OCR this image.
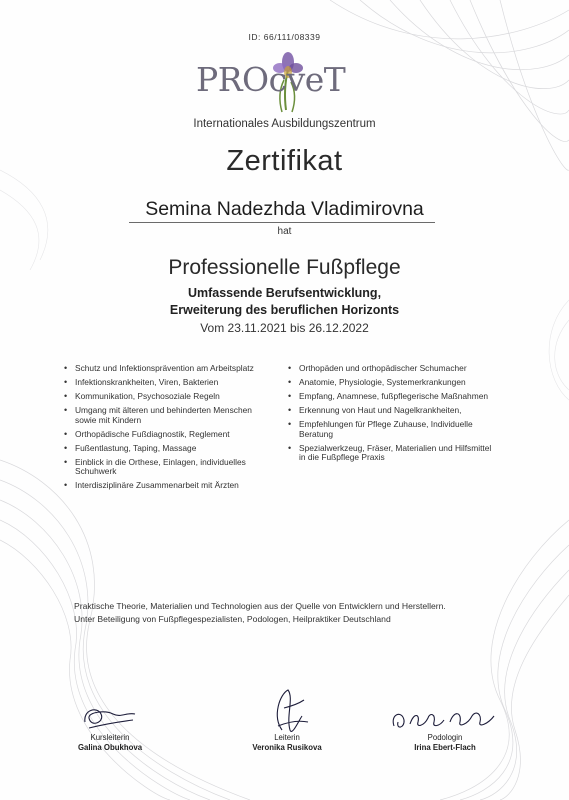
ID: 66/111/08339
PROcveT
Internationales Ausbildungszentrum
Zertifikat
Semina Nadezhda Vladimirovna
hat
Professionelle Fußpflege
Umfassende Berufsentwicklung,
Erweiterung des beruflichen Horizonts
Vom 23.11.2021 bis 26.12.2022
• Schutz und Infektionsprävention am Arbeitsplatz
• Infektionskrankheiten, Viren, Bakterien
• Kommunikation, Psychosoziale Regeln
• Umgang mit älteren und behinderten Menschen sowie mit Kindern
• Orthopädische Fußdiagnostik, Reglement
• Fußentlastung, Taping, Massage
• Einblick in die Orthese, Einlagen, individuelles Schuhwerk
• Interdisziplinäre Zusammenarbeit mit Ärzten
• Orthopäden und orthopädischer Schumacher
• Anatomie, Physiologie, Systemerkrankungen
• Empfang, Anamnese, fußpflegerische Maßnahmen
• Erkennung von Haut und Nagelkrankheiten,
• Empfehlungen für Pflege Zuhause, Individuelle Beratung
• Spezialwerkzeug, Fräser, Materialien und Hilfsmittel in die Fußpflege Praxis

Praktische Theorie, Materialien und Technologien aus der Quelle von Entwicklern und Herstellern.

Unter Beteiligung von Fußpflegespezialisten, Podologen, Heilpraktiker Deutschland

Kursleiterin
Galina Obukhova
Leiterin
Veronika Rusikova
Podologin
Irina Ebert-Flach
